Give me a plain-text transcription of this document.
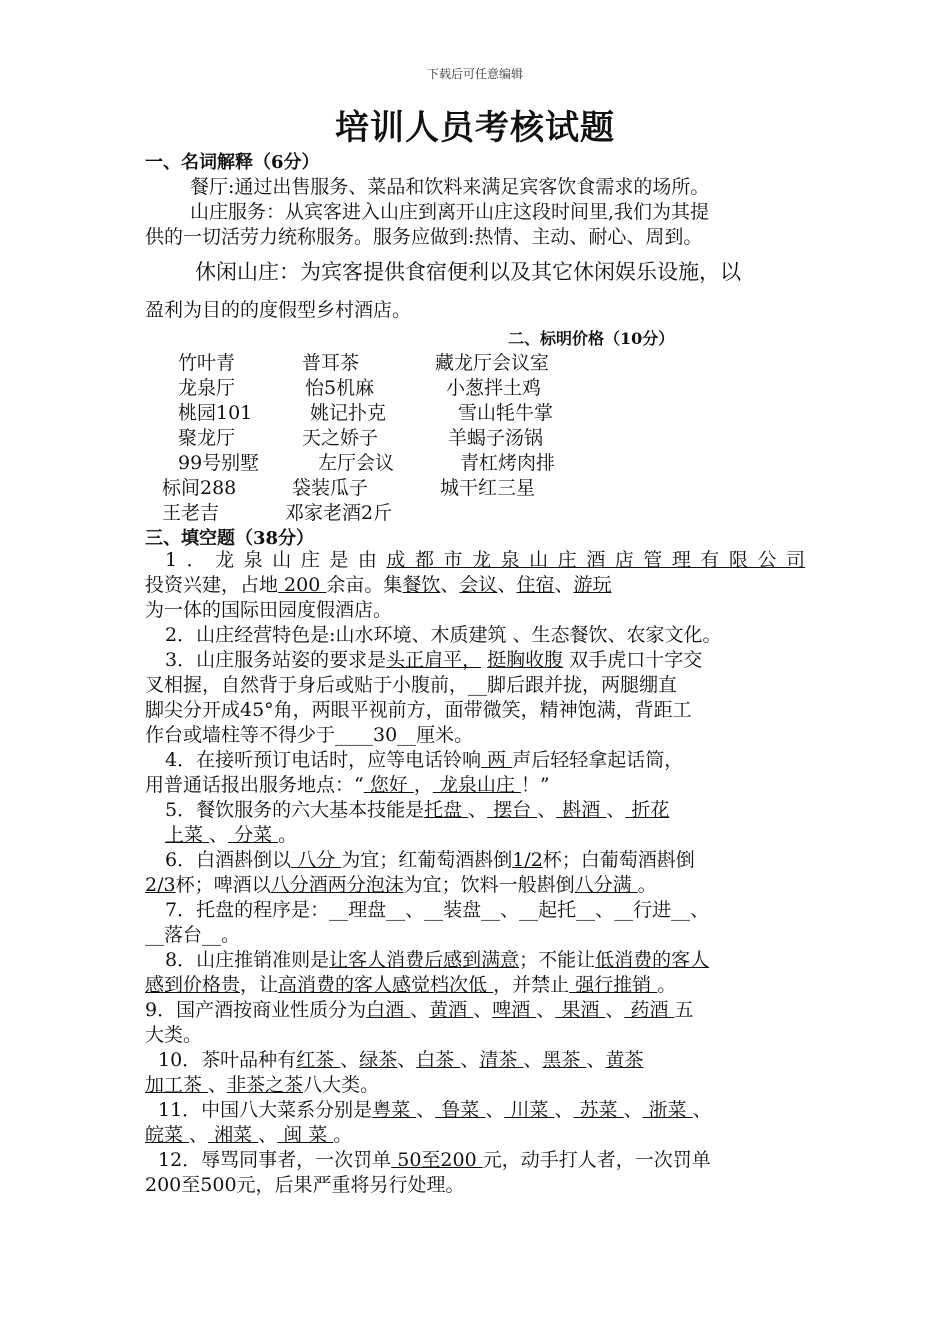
下载后可任意编辑
培训人员考核试题
一、名词解释（6分）
餐厅:通过出售服务、菜品和饮料来满足宾客饮食需求的场所。
山庄服务：从宾客进入山庄到离开山庄这段时间里,我们为其提
供的一切活劳力统称服务。服务应做到:热情、主动、耐心、周到。
休闲山庄：为宾客提供食宿便利以及其它休闲娱乐设施，以
盈利为目的的度假型乡村酒店。
二、标明价格（10分）
竹叶青	普耳茶	藏龙厅会议室
龙泉厅	怡5机麻	小葱拌土鸡
桃园101	姚记扑克	雪山牦牛掌
聚龙厅	天之娇子	羊蝎子汤锅
99号别墅	左厅会议	青杠烤肉排
标间288	袋装瓜子	城干红三星
王老吉	邓家老酒2斤
三、填空题（38分）
1．龙泉山庄是由成都市龙泉山庄酒店管理有限公司
投资兴建，占地 200 余亩。集餐饮、会议、住宿、游玩
为一体的国际田园度假酒店。
2．山庄经营特色是:山水环境、木质建筑 、生态餐饮、农家文化。
3．山庄服务站姿的要求是头正肩平， 挺胸收腹 双手虎口十字交
叉相握，自然背于身后或贴于小腹前，__脚后跟并拢，两腿绷直
脚尖分开成45°角，两眼平视前方，面带微笑，精神饱满，背距工
作台或墙柱等不得少于____30__厘米。
4．在接听预订电话时，应等电话铃响 两 声后轻轻拿起话筒，
用普通话报出服务地点：“ 您好 ， 龙泉山庄 ！”
5．餐饮服务的六大基本技能是托盘 、 摆台 、 斟酒 、 折花
上菜 、 分菜 。
6．白酒斟倒以 八分 为宜；红葡萄酒斟倒1/2杯；白葡萄酒斟倒
2/3杯；啤酒以八分酒两分泡沫为宜；饮料一般斟倒八分满 。
7．托盘的程序是：__理盘__、__装盘__、__起托__、__行进__、
__落台__。
8．山庄推销准则是让客人消费后感到满意；不能让低消费的客人
感到价格贵，让高消费的客人感觉档次低 ，并禁止 强行推销 。
9．国产酒按商业性质分为白酒 、黄酒 、啤酒 、 果酒 、 药酒 五
大类。
10．茶叶品种有红茶 、绿茶、白茶 、清茶 、黑茶 、黄茶
加工茶 、非茶之茶八大类。
11．中国八大菜系分别是粤菜 、 鲁菜 、 川菜 、 苏菜 、 浙菜 、
皖菜 、 湘菜 、 闽 菜 。
12．辱骂同事者，一次罚单 50至200 元，动手打人者，一次罚单
200至500元，后果严重将另行处理。
